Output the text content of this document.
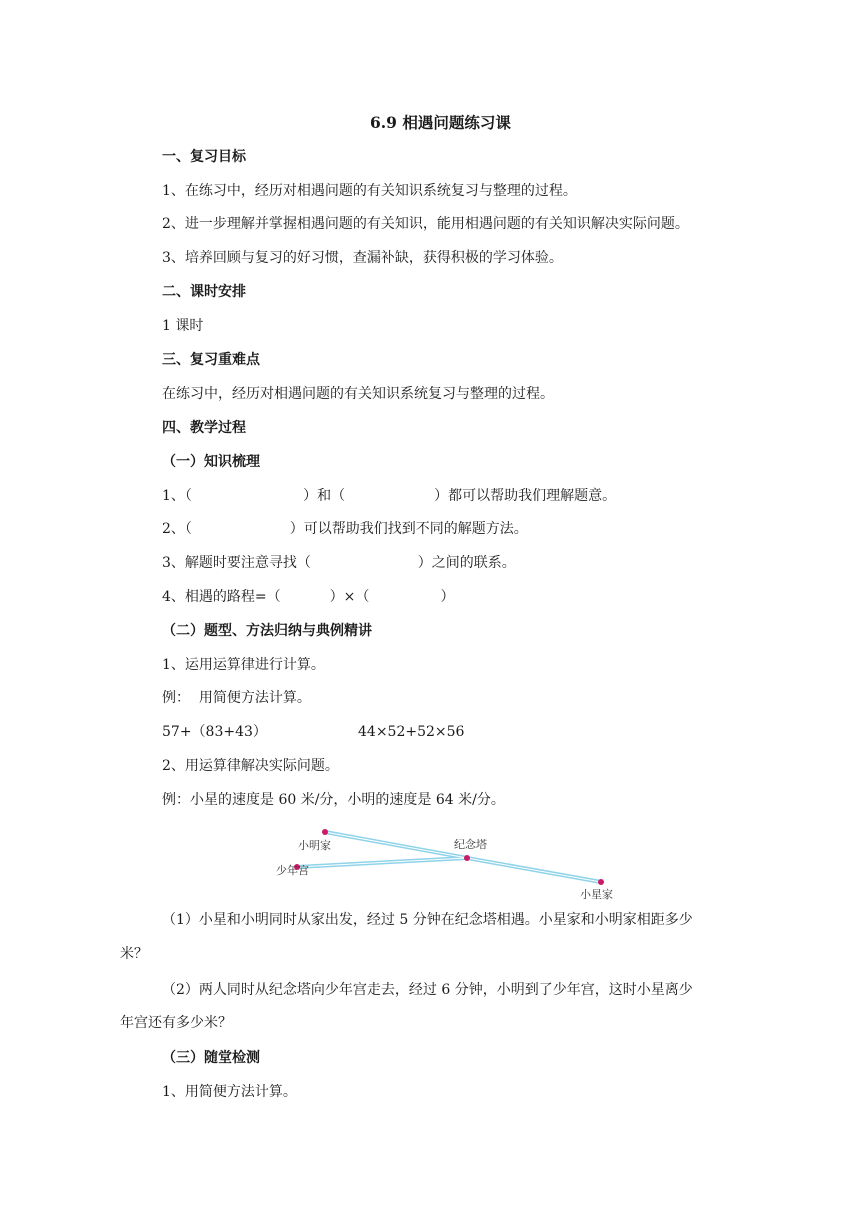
6.9 相遇问题练习课
一、复习目标
1、在练习中，经历对相遇问题的有关知识系统复习与整理的过程。
2、进一步理解并掌握相遇问题的有关知识，能用相遇问题的有关知识解决实际问题。
3、培养回顾与复习的好习惯，查漏补缺，获得积极的学习体验。
二、课时安排
1 课时
三、复习重难点
在练习中，经历对相遇问题的有关知识系统复习与整理的过程。
四、教学过程
（一）知识梳理
1、（                         ）和（                    ）都可以帮助我们理解题意。
2、（                      ）可以帮助我们找到不同的解题方法。
3、解题时要注意寻找（                        ）之间的联系。
4、相遇的路程=（           ）×（                ）
（二）题型、方法归纳与典例精讲
1、运用运算律进行计算。
例：  用简便方法计算。
57+（83+43）	44×52+52×56
2、用运算律解决实际问题。
例：小星的速度是 60 米/分，小明的速度是 64 米/分。
小明家	纪念塔
少年宫
小星家
（1）小星和小明同时从家出发，经过 5 分钟在纪念塔相遇。小星家和小明家相距多少
米？
（2）两人同时从纪念塔向少年宫走去，经过 6 分钟，小明到了少年宫，这时小星离少
年宫还有多少米？
（三）随堂检测
1、用简便方法计算。
